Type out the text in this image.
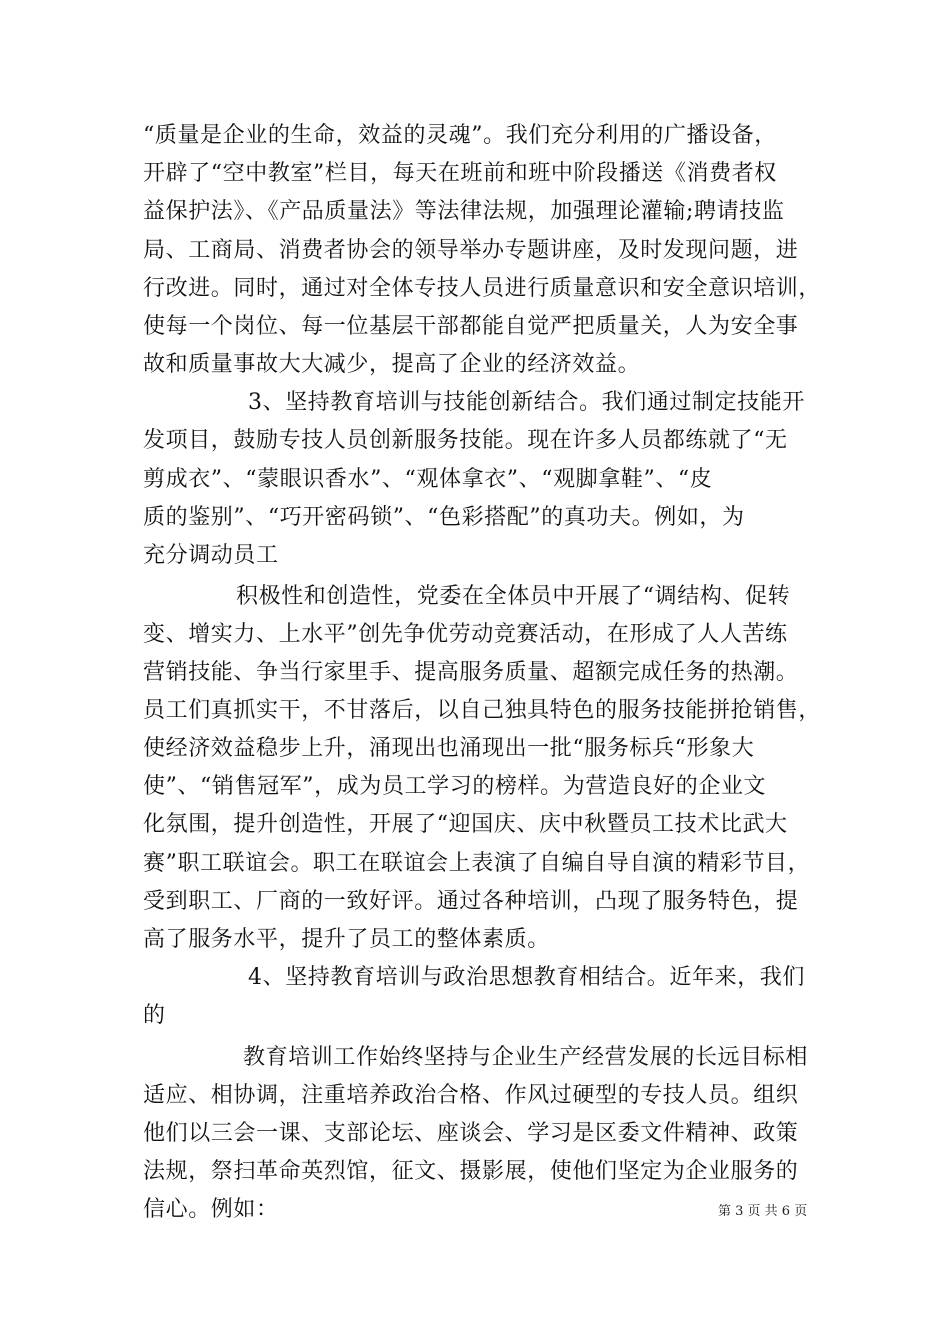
“质量是企业的生命，效益的灵魂”。我们充分利用的广播设备，
开辟了“空中教室”栏目，每天在班前和班中阶段播送《消费者权
益保护法》、《产品质量法》等法律法规，加强理论灌输;聘请技监
局、工商局、消费者协会的领导举办专题讲座，及时发现问题，进
行改进。同时，通过对全体专技人员进行质量意识和安全意识培训，
使每一个岗位、每一位基层干部都能自觉严把质量关，人为安全事
故和质量事故大大减少，提高了企业的经济效益。
3、坚持教育培训与技能创新结合。我们通过制定技能开
发项目，鼓励专技人员创新服务技能。现在许多人员都练就了“无
剪成衣”、“蒙眼识香水”、“观体拿衣”、“观脚拿鞋”、“皮
质的鉴别”、“巧开密码锁”、“色彩搭配”的真功夫。例如，为
充分调动员工
积极性和创造性，党委在全体员中开展了“调结构、促转
变、增实力、上水平”创先争优劳动竞赛活动，在形成了人人苦练
营销技能、争当行家里手、提高服务质量、超额完成任务的热潮。
员工们真抓实干，不甘落后，以自己独具特色的服务技能拼抢销售，
使经济效益稳步上升，涌现出也涌现出一批“服务标兵“形象大
使”、“销售冠军”，成为员工学习的榜样。为营造良好的企业文
化氛围，提升创造性，开展了“迎国庆、庆中秋暨员工技术比武大
赛”职工联谊会。职工在联谊会上表演了自编自导自演的精彩节目，
受到职工、厂商的一致好评。通过各种培训，凸现了服务特色，提
高了服务水平，提升了员工的整体素质。
4、坚持教育培训与政治思想教育相结合。近年来，我们
的
教育培训工作始终坚持与企业生产经营发展的长远目标相
适应、相协调，注重培养政治合格、作风过硬型的专技人员。组织
他们以三会一课、支部论坛、座谈会、学习是区委文件精神、政策
法规，祭扫革命英烈馆，征文、摄影展，使他们坚定为企业服务的
信心。例如：	第 3 页 共 6 页
